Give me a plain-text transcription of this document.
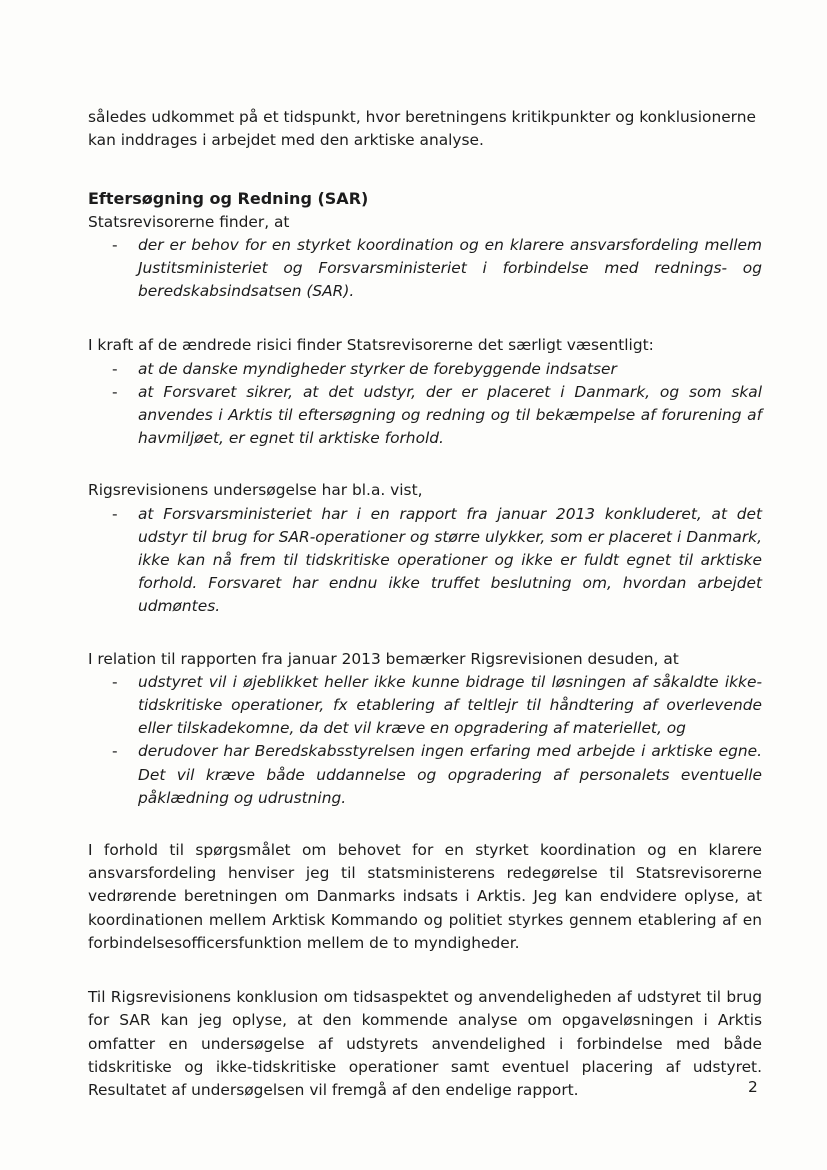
således udkommet på et tidspunkt, hvor beretningens kritikpunkter og konklusionerne kan inddrages i arbejdet med den arktiske analyse.

Eftersøgning og Redning (SAR)

Statsrevisorerne finder, at

- der er behov for en styrket koordination og en klarere ansvarsfordeling mellem Justitsministeriet og Forsvarsministeriet i forbindelse med rednings- og beredskabsindsatsen (SAR).

I kraft af de ændrede risici finder Statsrevisorerne det særligt væsentligt:

- at de danske myndigheder styrker de forebyggende indsatser
- at Forsvaret sikrer, at det udstyr, der er placeret i Danmark, og som skal anvendes i Arktis til eftersøgning og redning og til bekæmpelse af forurening af havmiljøet, er egnet til arktiske forhold.

Rigsrevisionens undersøgelse har bl.a. vist,

- at Forsvarsministeriet har i en rapport fra januar 2013 konkluderet, at det udstyr til brug for SAR-operationer og større ulykker, som er placeret i Danmark, ikke kan nå frem til tidskritiske operationer og ikke er fuldt egnet til arktiske forhold. Forsvaret har endnu ikke truffet beslutning om, hvordan arbejdet udmøntes.

I relation til rapporten fra januar 2013 bemærker Rigsrevisionen desuden, at

- udstyret vil i øjeblikket heller ikke kunne bidrage til løsningen af såkaldte ikke-tidskritiske operationer, fx etablering af teltlejr til håndtering af overlevende eller tilskadekomne, da det vil kræve en opgradering af materiellet, og
- derudover har Beredskabsstyrelsen ingen erfaring med arbejde i arktiske egne. Det vil kræve både uddannelse og opgradering af personalets eventuelle påklædning og udrustning.

I forhold til spørgsmålet om behovet for en styrket koordination og en klarere ansvarsfordeling henviser jeg til statsministerens redegørelse til Statsrevisorerne vedrørende beretningen om Danmarks indsats i Arktis. Jeg kan endvidere oplyse, at koordinationen mellem Arktisk Kommando og politiet styrkes gennem etablering af en forbindelsesofficersfunktion mellem de to myndigheder.

Til Rigsrevisionens konklusion om tidsaspektet og anvendeligheden af udstyret til brug for SAR kan jeg oplyse, at den kommende analyse om opgaveløsningen i Arktis omfatter en undersøgelse af udstyrets anvendelighed i forbindelse med både tidskritiske og ikke-tidskritiske operationer samt eventuel placering af udstyret. Resultatet af undersøgelsen vil fremgå af den endelige rapport.	2
